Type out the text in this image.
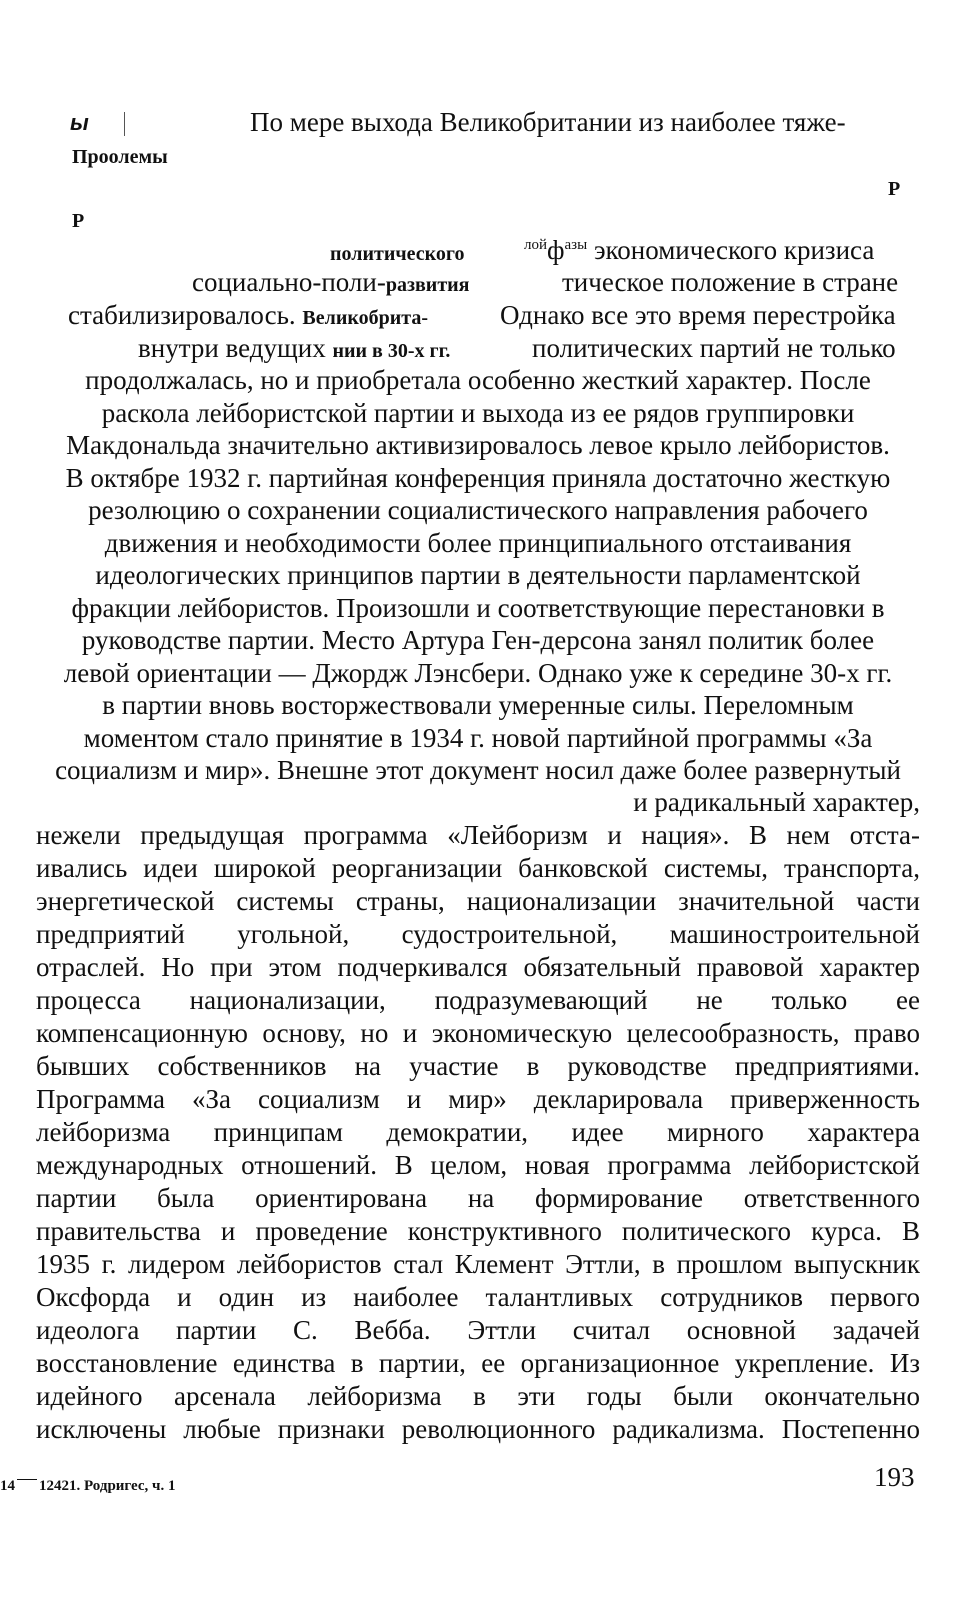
ы	По мере выхода Великобритании из наиболее тяже-
Проолемы
Р
Р
политического	$^{лой}ф^{азы}$ экономического кризиса
социально-поли-развития	тическое положение в стране
стабилизировалось. Великобрита-	Однако все это время перестройка
внутри ведущих нии в 30-х гг.	политических партий не только
продолжалась, но и приобретала особенно жесткий характер. После
раскола лейбористской партии и выхода из ее рядов группировки
Макдональда значительно активизировалось левое крыло лейбористов.
В октябре 1932 г. партийная конференция приняла достаточно жесткую
резолюцию о сохранении социалистического направления рабочего
движения и необходимости более принципиального отстаивания
идеологических принципов партии в деятельности парламентской
фракции лейбористов. Произошли и соответствующие перестановки в
руководстве партии. Место Артура Ген-дерсона занял политик более
левой ориентации — Джордж Лэнсбери. Однако уже к середине 30-х гг.
в партии вновь восторжествовали умеренные силы. Переломным
моментом стало принятие в 1934 г. новой партийной программы «За
социализм и мир». Внешне этот документ носил даже более развернутый
и радикальный характер,
нежели предыдущая программа «Лейборизм и нация». В нем отста-
ивались идеи широкой реорганизации банковской системы, транспорта,
энергетической системы страны, национализации значительной части
предприятий угольной, судостроительной, машиностроительной
отраслей. Но при этом подчеркивался обязательный правовой характер
процесса национализации, подразумевающий не только ее
компенсационную основу, но и экономическую целесообразность, право
бывших собственников на участие в руководстве предприятиями.
Программа «За социализм и мир» декларировала приверженность
лейборизма принципам демократии, идее мирного характера
международных отношений. В целом, новая программа лейбористской
партии была ориентирована на формирование ответственного
правительства и проведение конструктивного политического курса. В
1935 г. лидером лейбористов стал Клемент Эттли, в прошлом выпускник
Оксфорда и один из наиболее талантливых сотрудников первого
идеолога партии С. Вебба. Эттли считал основной задачей
восстановление единства в партии, ее организационное укрепление. Из
идейного арсенала лейборизма в эти годы были окончательно
исключены любые признаки революционного радикализма. Постепенно
14 12421. Родригес, ч. 1	193
